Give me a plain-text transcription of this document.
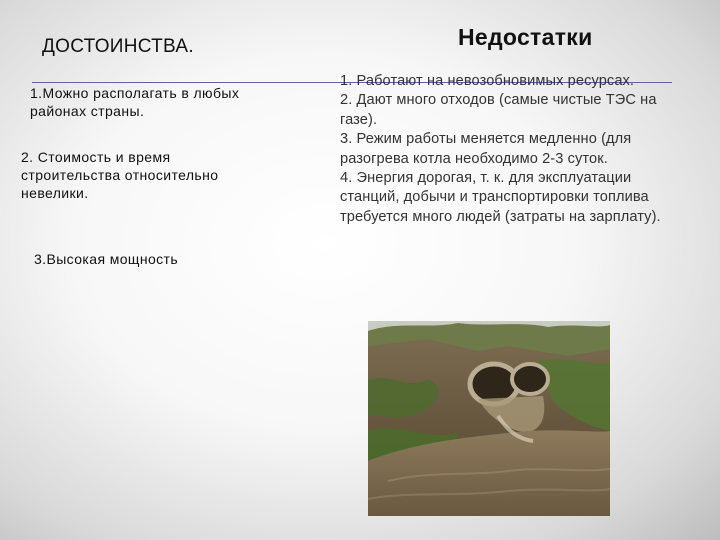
ДОСТОИНСТВА.	Недостатки
1.Можно располагать в любых районах страны.
2. Стоимость и время строительства относительно невелики.
3.Высокая мощность
1. Работают на невозобновимых ресурсах.
2. Дают много отходов (самые чистые ТЭС на газе).
3. Режим работы меняется медленно (для разогрева котла необходимо 2-3 суток.
4. Энергия дорогая, т. к. для эксплуатации станций, добычи и транспортировки топлива требуется много людей (затраты на зарплату).
